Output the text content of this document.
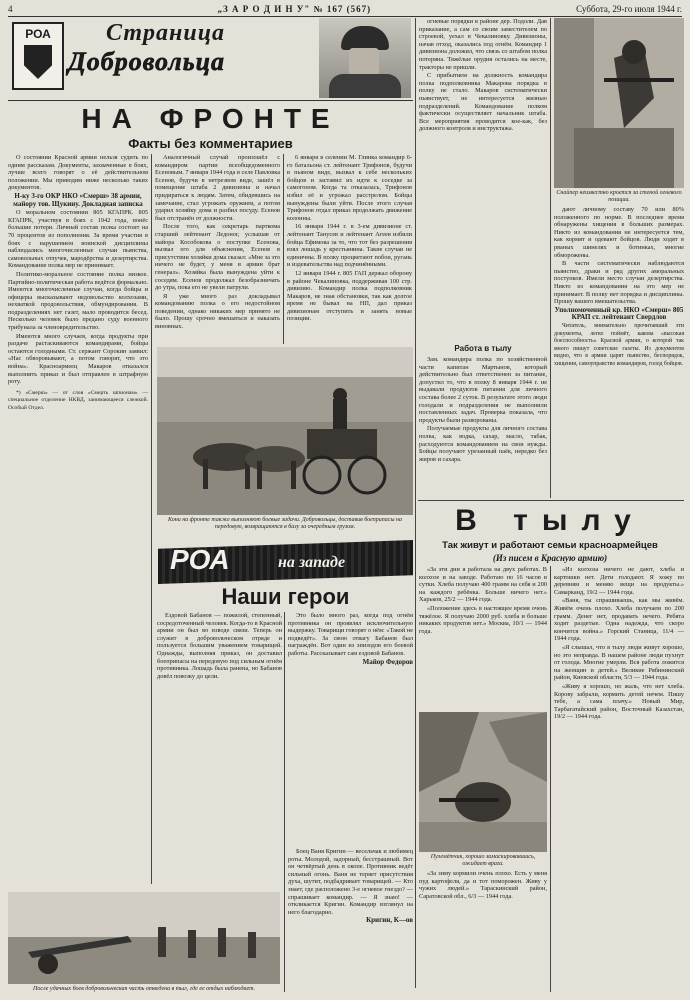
4	„З А Р О Д И Н У" № 167 (567)	Суббота, 29-го июля 1944 г.
РОА	Страница
Добровольца
НА ФРОНТЕ
Факты без комментариев

О состоянии Красной армии нельзя судить по одним рассказам. Документы, захваченные в боях, лучше всего говорят о её действительном положении. Мы приводим ниже несколько таких документов.

Н-ку 3-го ОКР НКО «Смерш» 38 армии, майору тов. Щукину. Докладная записка

О моральном состоянии 805 КГАПРК. 805 КГАПРК, участвуя в боях с 1942 года, понёс большие потери. Личный состав полка состоит на 70 процентов из пополнения. За время участия в боях с нарушением воинской дисциплины наблюдались многочисленные случаи пьянства, самовольных отлучек, мародёрства и дезертирства. Командование полка мер не принимает.

Политико-моральное состояние полка низкое. Партийно-политическая работа ведётся формально. Имеются многочисленные случаи, когда бойцы и офицеры высказывают недовольство колхозами, нехваткой продовольствия, обмундирования. В подразделениях нет газет, мало проводится бесед. Несколько человек было предано суду военного трибунала за членовредительство.

Имеются много случаев, когда продукты при раздаче растаскиваются командирами, бойцы остаются голодными. Ст. сержант Сорокин заявил: «Нас обворовывают, а потом говорят, что это война». Красноармеец Макаров отказался выполнить приказ и был отправлен в штрафную роту.

*) «Смерш» — от слов «Смерть шпионам» — специальное отделение НКВД, занимающееся слежкой. Особый Отдел.

Аналогичный случай произошёл с командиром партии всеобщедоменного Есеновым. 7 января 1944 года в селе Павловка Есенов, будучи в нетрезвом виде, зашёл в помещение штаба 2 дивизиона и начал придираться к людям. Затем, обидевшись на замечание, стал угрожать оружием, а потом ударил хозяйку дома и разбил посуду. Есенов был отстранён от должности.

После того, как секретарь парткома старший лейтенант Ледоног, услышав от майора Кособокова о поступке Есенова, вызвал его для объяснения, Есенов в присутствии хозяйки дома сказал: «Мне за это ничего не будет, у меня в армии брат генерал». Хозяйка была вынуждена уйти к соседям. Есенов продолжал безобразничать до утра, пока его не увели патрули.

Я уже много раз докладывал командованию полка о его недостойном поведении, однако никаких мер принято не было. Прошу срочно вмешаться и наказать виновных.

6 января в селении М. Глинка командир 6-го батальона ст. лейтенант Трифонов, будучи в пьяном виде, вызвал к себе нескольких бойцов и заставил их идти к соседке за самогоном. Когда та отказалась, Трифонов избил её и угрожал расстрелом. Бойцы вынуждены были уйти. После этого случая Трифонов отдал приказ продолжать движение колонны.

16 января 1944 г. в 3-ем дивизионе ст. лейтенант Танусев и лейтенант Агеев избили бойца Ефимова за то, что тот без разрешения взял лошадь у крестьянина. Такие случаи не единичны. В полку процветают побои, ругань и издевательства над подчинёнными.

12 января 1944 г. 805 ГАП держал оборону в районе Чекалиновка, поддерживая 100 стр. дивизию. Командир полка подполковник Макаров, не зная обстановки, так как долгое время не бывал на НП, дал приказ дивизионам отступить и занять новые позиции.

Кони на фронте также выполняют боевые задачи. Добровольцы, доставив боеприпасы на передовую, возвращаются в базу за очередным грузом.
РОА	на западе
Наши герои

Ездовой Бабанов — пожилой, степенный, сосредоточенный человек. Когда-то в Красной армии он был во взводе связи. Теперь он служит в добровольческом отряде и пользуется большим уважением товарищей. Однажды, выполняя приказ, он доставил боеприпасы на передовую под сильным огнём противника. Лошадь была ранена, но Бабанов довёл повозку до цели.

Это было много раз, когда под огнём противника он проявлял исключительную выдержку. Товарищи говорят о нём: «Такой не подведёт». За свою отвагу Бабанов был награждён. Вот один из эпизодов его боевой работы. Рассказывает сам ездовой Бабанов.

Майор Федоров

Боец Ваня Кригин — весельчак и любимец роты. Молодой, задорный, бесстрашный. Вот он четвёртый день в окопе. Противник ведёт сильный огонь. Ваня не теряет присутствия духа, шутит, подбадривает товарищей. — Кто знает, где расположено 3-е огневое гнездо? — спрашивает командир. — Я знаю! — откликается Кригин. Командир взглянул на него благодарно.

Кригин, К—ов

После удачных боев добровольческая часть отведена в тыл, где ее отдых наблюдает.

огневые порядки в районе дер. Подоли. Дав приказание, а сам со своим заместителем по строевой, уехал в Чекалиновку. Дивизионы, начав отход, оказались под огнём. Командир 1 дивизиона доложил, что связь со штабом полка потеряна. Тяжёлые орудия остались на месте, тракторы не пришли.

С прибытием на должность командира полка подполковника Макарова порядка в полку не стало. Макаров систематически пьянствует, не интересуется жизнью подразделений. Командование полком фактически осуществляет начальник штаба. Все мероприятия проводятся кое-как, без должного контроля и инструктажа.

Работа в тылу

Зам. командира полка по хозяйственной части капитан Мартынов, который действительно был ответственен за питание, допустил то, что в полку 8 января 1944 г. не выдавали продуктов питания для личного состава более 2 суток. В результате этого люди голодали и подразделения не выполнили поставленных задач. Проверка показала, что продукты были разворованы.

Получаемые продукты для личного состава полка, как водка, сахар, масло, табак, расходуются командованием на свои нужды. Бойцы получают урезанный паёк, нередко без жиров и сахара.

Снайпер неизвестно кроется за стеной огневого позиции.

дают личному составу 70 или 80% положенного по норме. В последнее время обнаружены хищения в больших размерах. Никто из командования не интересуется тем, как кормят и одевают бойцов. Люди ходят в рваных шинелях и ботинках, многие обморожены.

В части систематически наблюдаются пьянство, драки и ряд других аморальных поступков. Имели место случаи дезертирства. Никто из командования на это мер не принимает. В полку нет порядка и дисциплины. Прошу вашего вмешательства.

Уполномоченный кр. НКО «Смерш» 805 КРАП ст. лейтенант Свердлов

Читатель, внимательно прочитавший эти документы, легко поймёт, какова «высокая боеспособность» Красной армии, о которой так много пишут советские газеты. Из документов видно, что в армии царят пьянство, беспорядок, хищения, самоуправство командиров, голод бойцов.

В тылу
Так живут и работают семьи красноармейцев
(Из писем в Красную армию)

«За эти дни я работала на двух работах. В колхозе и на заводе. Работаю по 16 часов в сутки. Хлеба получаю 400 грамм на себя и 200 на каждого ребёнка. Больше ничего нет.» Харьков, 25/2 — 1944 года.

«Положение здесь в настоящее время очень тяжёлое. Я получаю 2000 руб. хлеба и больше никаких продуктов нет.» Москва, 10/1 — 1944 года.

Пулемётчик, хорошо замаскировавшись, ожидает врага.

«За зиму кормили очень плохо. Есть у меня пуд картофеля, да и тот поморожен. Живу у чужих людей.» Тараскинский район, Саратовской обл., 6/3 — 1944 года.

«Из колхоза ничего не дают, хлеба и картошки нет. Дети голодают. Я хожу по деревням и меняю вещи на продукты.» Самарканд, 19/2 — 1944 года.

«Ваня, ты спрашиваешь, как мы живём. Живём очень плохо. Хлеба получаем по 200 грамм. Денег нет, продавать нечего. Ребята ходят раздетые. Одна надежда, что скоро кончится война.» Горский Станица, 11/4 — 1944 года.

«Я слышал, что в тылу люди живут хорошо, но это неправда. В нашем районе люди пухнут от голода. Многие умерли. Вся работа ложится на женщин и детей.» Великие Рябининский район, Киевской области, 5/3 — 1944 года.

«Живу я хорошо, но жаль, что нет хлеба. Корову забрали, кормить детей нечем. Пишу тебе, а сама плачу.» Новый Мир, Тарбагатайский район, Восточный Казахстан, 19/2 — 1944 года.
